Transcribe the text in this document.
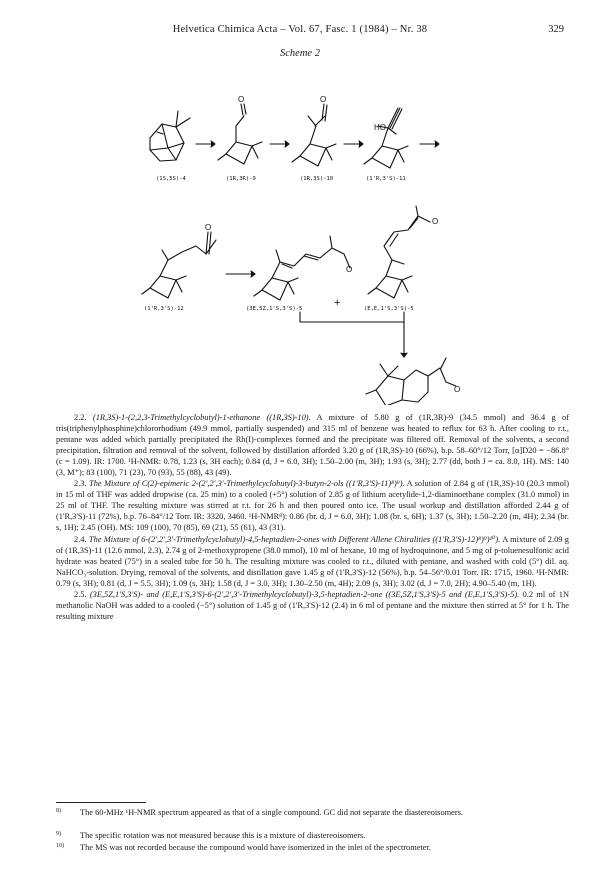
Helvetica Chimica Acta – Vol. 67, Fasc. 1 (1984) – Nr. 38	329
Scheme 2
O	O
HO
O
O
O
O
+
(1S,5S)-4	(1R,3R)-9	(1R,3S)-10	(1'R,3'S)-11
(1'R,3'S)-12	(3E,5Z,1'S,3'S)-5	(E,E,1'S,3'S)-5

2.2. (1R,3S)-1-(2,2,3-Trimethylcyclobutyl)-1-ethanone ((1R,3S)-10). A mixture of 5.80 g of (1R,3R)-9 (34.5 mmol) and 36.4 g of tris(triphenylphosphine)chlororhodium (49.9 mmol, partially suspended) and 315 ml of benzene was heated to reflux for 63 h. After cooling to r.t., pentane was added which partially precipitated the Rh(I)-complexes formed and the precipitate was filtered off. Removal of the solvents, a second precipitation, filtration and removal of the solvent, followed by distillation afforded 3.20 g of (1R,3S)-10 (66%), b.p. 58–60°/12 Torr, [α]D20 = −86.8° (c = 1.09). IR: 1700. ¹H-NMR: 0.78, 1.23 (s, 3H each); 0.84 (d, J = 6.0, 3H); 1.50–2.00 (m, 3H); 1.93 (s, 3H); 2.77 (dd, both J = ca. 8.0, 1H). MS: 140 (3, M⁺); 83 (100), 71 (23), 70 (93), 55 (88), 43 (49).

2.3. The Mixture of C(2)-epimeric 2-(2',2',3'-Trimethylcyclobutyl)-3-butyn-2-ols ((1'R,3'S)-11)⁸)⁹). A solution of 2.84 g of (1R,3S)-10 (20.3 mmol) in 15 ml of THF was added dropwise (ca. 25 min) to a cooled (+5°) solution of 2.85 g of lithium acetylide-1,2-diaminoethane complex (31.0 mmol) in 25 ml of THF. The resulting mixture was stirred at r.t. for 26 h and then poured onto ice. The usual workup and distillation afforded 2.44 g of (1'R,3'S)-11 (72%), b.p. 76–84°/12 Torr. IR: 3320, 3460. ¹H-NMR⁸): 0.86 (br. d, J = 6.0, 3H); 1.08 (br. s, 6H); 1.37 (s, 3H); 1.50–2.20 (m, 4H); 2.34 (br. s, 1H); 2.45 (OH). MS: 109 (100), 70 (85), 69 (21), 55 (61), 43 (31).

2.4. The Mixture of 6-(2',2',3'-Trimethylcyclobutyl)-4,5-heptadien-2-ones with Different Allene Chiralities ((1'R,3'S)-12)⁸)⁹)¹⁰). A mixture of 2.09 g of (1R,3S)-11 (12.6 mmol, 2.3), 2.74 g of 2-methoxypropene (38.0 mmol), 10 ml of hexane, 10 mg of hydroquinone, and 5 mg of p-toluenesulfonic acid hydrate was heated (75°) in a sealed tube for 50 h. The resulting mixture was cooled to r.t., diluted with pentane, and washed with cold (5°) dil. aq. NaHCO₃-solution. Drying, removal of the solvents, and distillation gave 1.45 g of (1'R,3'S)-12 (56%), b.p. 54–56°/0.01 Torr. IR: 1715, 1960. ¹H-NMR: 0.79 (s, 3H); 0.81 (d, J = 5.5, 3H); 1.09 (s, 3H); 1.58 (d, J = 3.0, 3H); 1.30–2.50 (m, 4H); 2.09 (s, 3H); 3.02 (d, J = 7.0, 2H); 4.90–5.40 (m, 1H).

2.5. (3E,5Z,1'S,3'S)- and (E,E,1'S,3'S)-6-(2',2',3'-Trimethylcyclobutyl)-3,5-heptadien-2-one ((3E,5Z,1'S,3'S)-5 and (E,E,1'S,3'S)-5). 0.2 ml of 1N methanolic NaOH was added to a cooled (−5°) solution of 1.45 g of (1'R,3'S)-12 (2.4) in 6 ml of pentane and the mixture then stirred at 5° for 1 h. The resulting mixture

8)	The 60-MHz ¹H-NMR spectrum appeared as that of a single compound. GC did not separate the diastereoisomers.
9)	The specific rotation was not measured because this is a mixture of diastereoisomers.
10)	The MS was not recorded because the compound would have isomerized in the inlet of the spectrometer.
